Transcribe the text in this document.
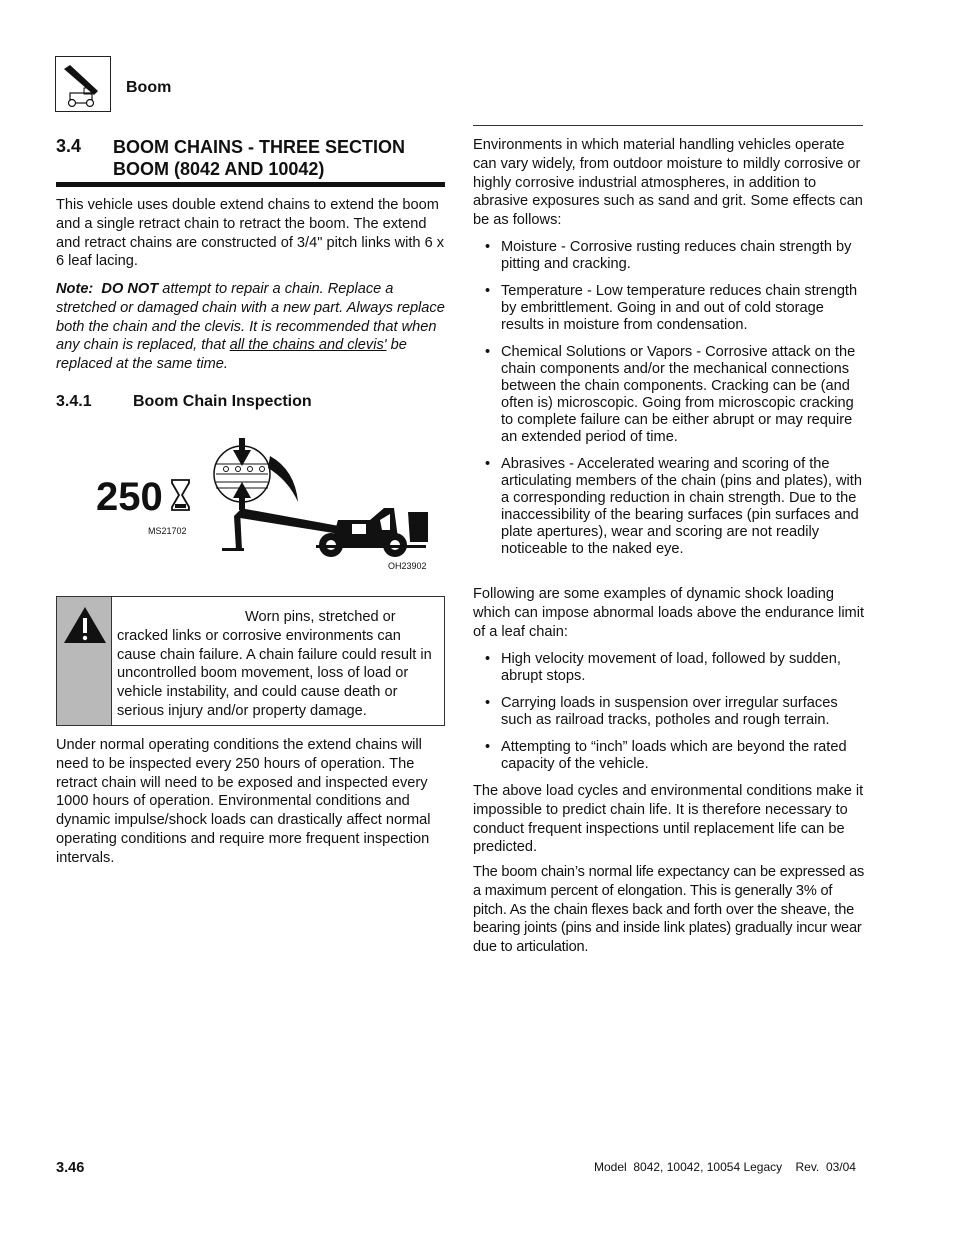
Boom
3.4 BOOM CHAINS - THREE SECTION
BOOM (8042 AND 10042)
This vehicle uses double extend chains to extend the boom and a single retract chain to retract the boom. The extend and retract chains are constructed of 3/4" pitch links with 6 x 6 leaf lacing.
Note: DO NOT attempt to repair a chain. Replace a stretched or damaged chain with a new part. Always replace both the chain and the clevis. It is recommended that when any chain is replaced, that all the chains and clevis' be replaced at the same time.
3.4.1	Boom Chain Inspection
250
MS21702
OH23902
Worn pins, stretched or
cracked links or corrosive environments can cause chain failure. A chain failure could result in uncontrolled boom movement, loss of load or vehicle instability, and could cause death or serious injury and/or property damage.
Under normal operating conditions the extend chains will need to be inspected every 250 hours of operation. The retract chain will need to be exposed and inspected every 1000 hours of operation. Environmental conditions and dynamic impulse/shock loads can drastically affect normal operating conditions and require more frequent inspection intervals.
Environments in which material handling vehicles operate can vary widely, from outdoor moisture to mildly corrosive or highly corrosive industrial atmospheres, in addition to abrasive exposures such as sand and grit. Some effects can be as follows:
• Moisture - Corrosive rusting reduces chain strength by pitting and cracking.
• Temperature - Low temperature reduces chain strength by embrittlement. Going in and out of cold storage results in moisture from condensation.
• Chemical Solutions or Vapors - Corrosive attack on the chain components and/or the mechanical connections between the chain components. Cracking can be (and often is) microscopic. Going from microscopic cracking to complete failure can be either abrupt or may require an extended period of time.
• Abrasives - Accelerated wearing and scoring of the articulating members of the chain (pins and plates), with a corresponding reduction in chain strength. Due to the inaccessibility of the bearing surfaces (pin surfaces and plate apertures), wear and scoring are not readily noticeable to the naked eye.
Following are some examples of dynamic shock loading which can impose abnormal loads above the endurance limit of a leaf chain:
• High velocity movement of load, followed by sudden, abrupt stops.
• Carrying loads in suspension over irregular surfaces such as railroad tracks, potholes and rough terrain.
• Attempting to “inch” loads which are beyond the rated capacity of the vehicle.
The above load cycles and environmental conditions make it impossible to predict chain life. It is therefore necessary to conduct frequent inspections until replacement life can be predicted.
The boom chain’s normal life expectancy can be expressed as a maximum percent of elongation. This is generally 3% of pitch. As the chain flexes back and forth over the sheave, the bearing joints (pins and inside link plates) gradually incur wear due to articulation.
3.46	Model  8042, 10042, 10054 Legacy    Rev.  03/04
